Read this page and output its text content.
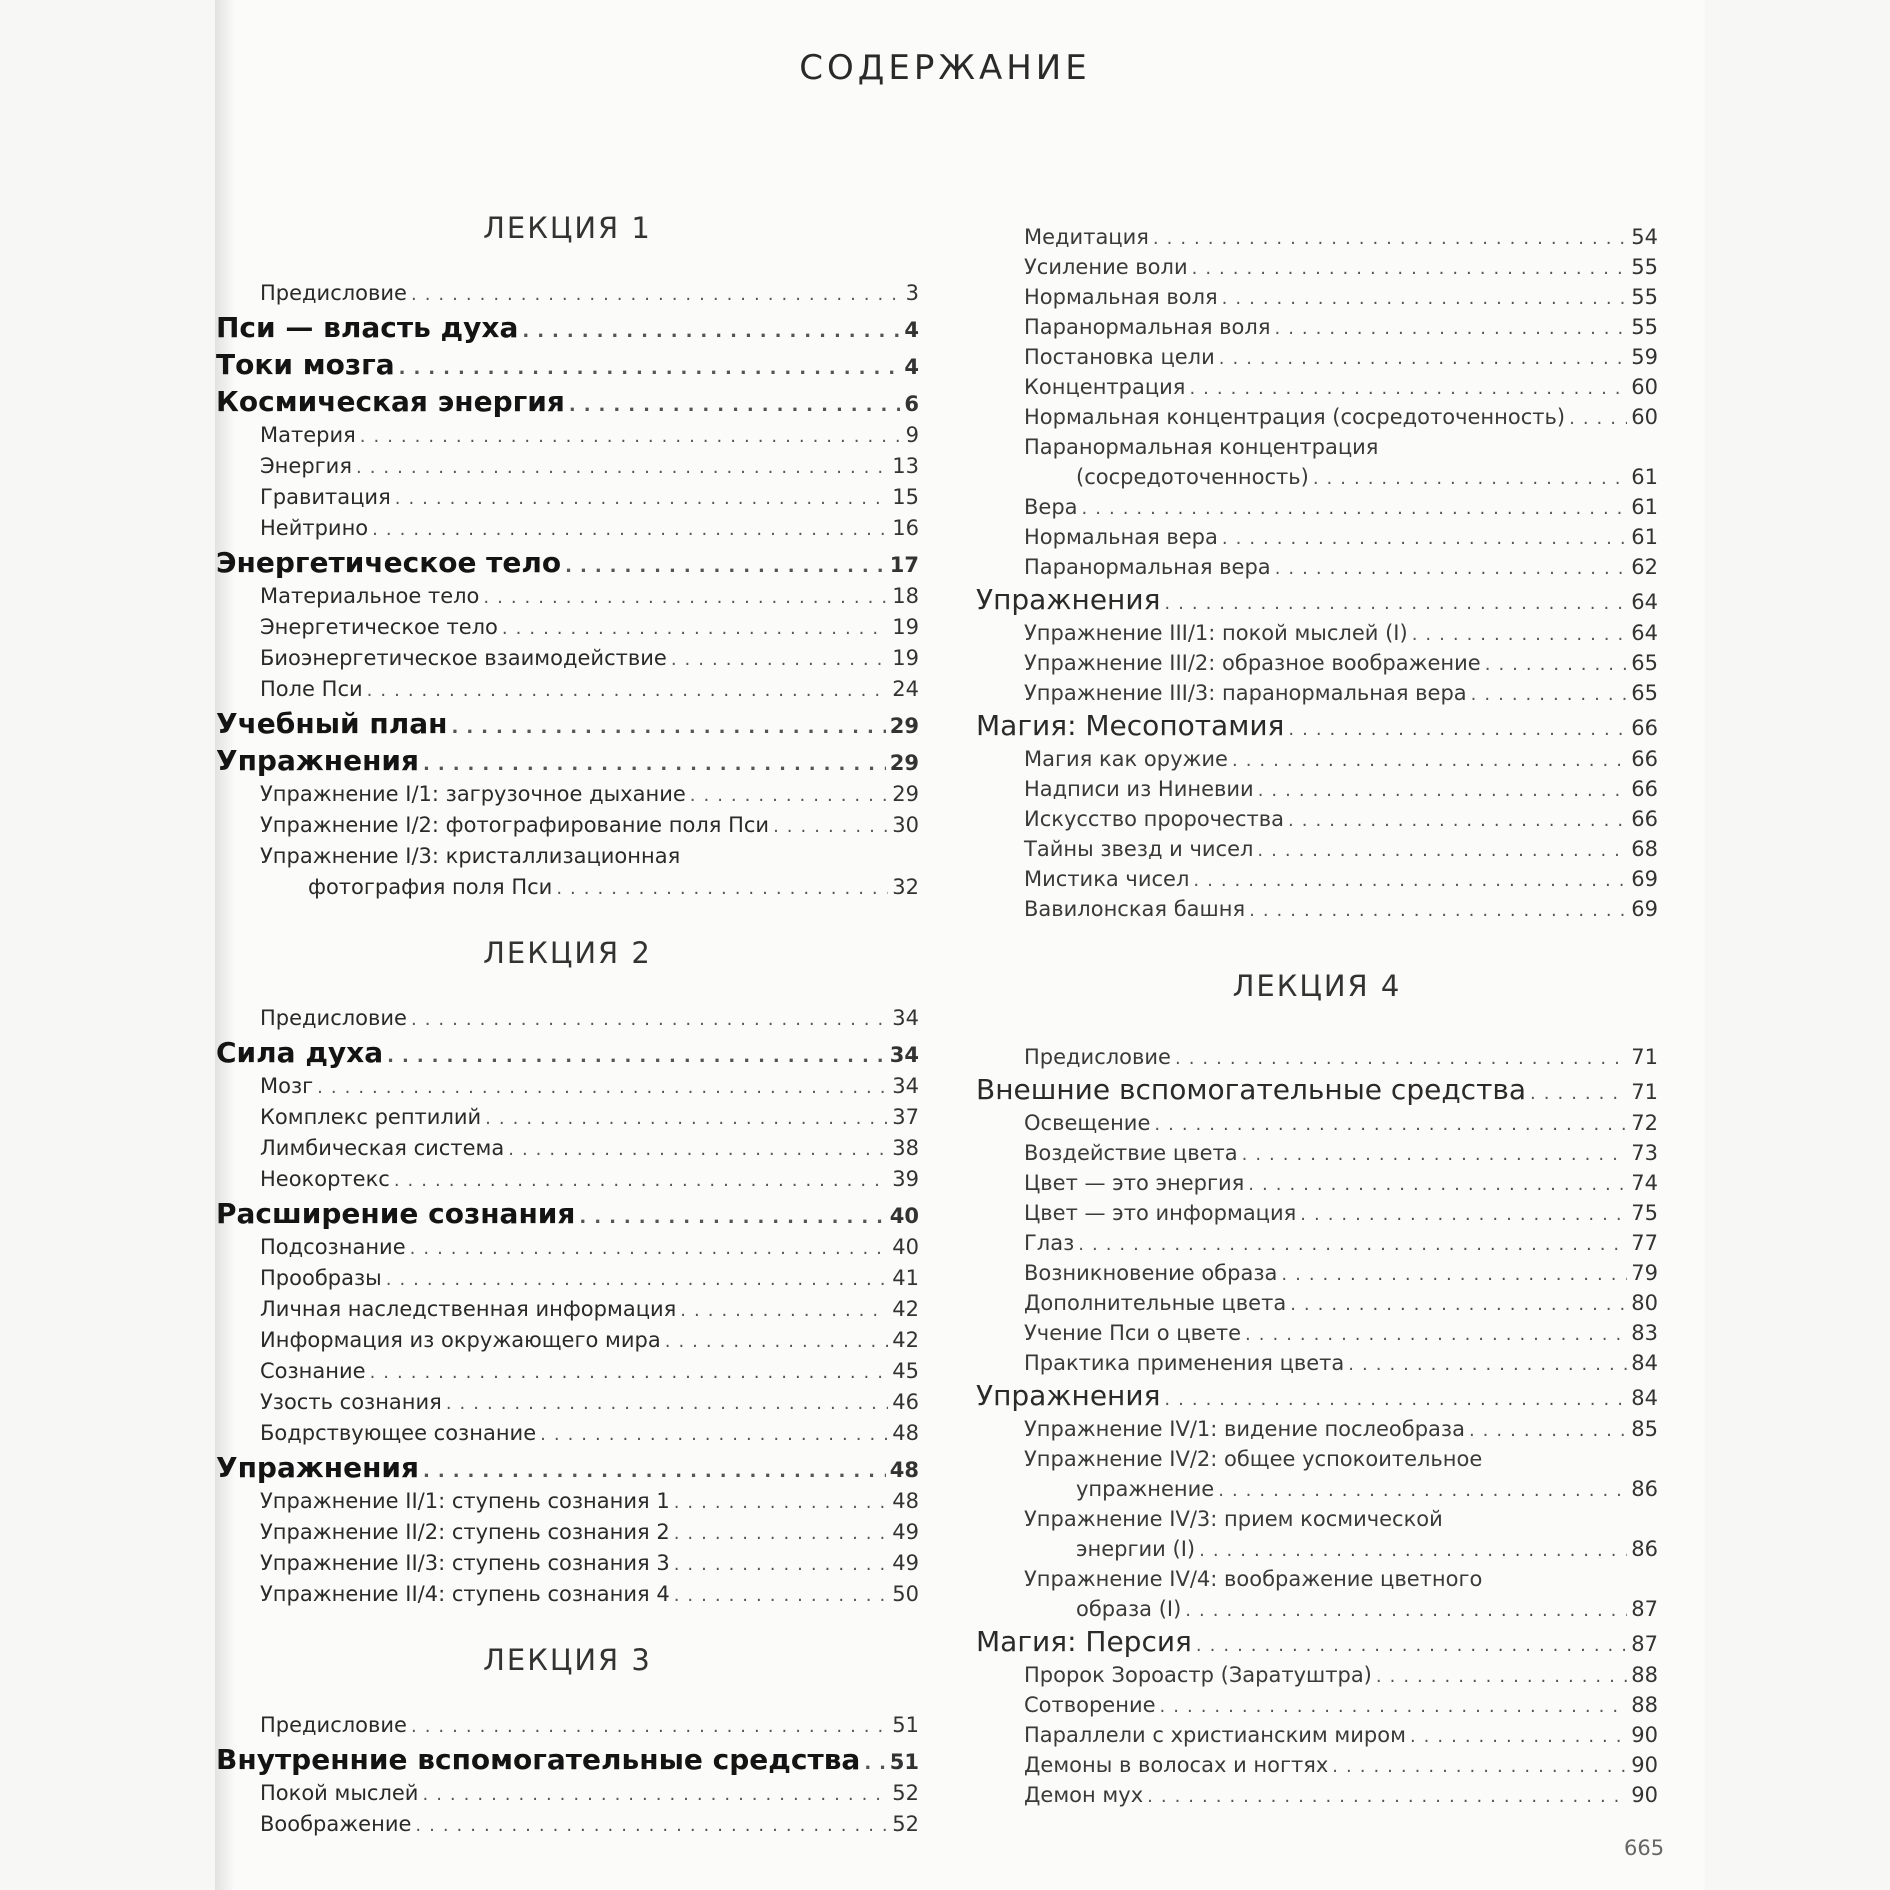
СОДЕРЖАНИЕ
ЛЕКЦИЯ 1
Предисловие .....	3
Пси — власть духа .....	4
Токи мозга .....	4
Космическая энергия .....	6
Материя .....	9
Энергия .....	13
Гравитация .....	15
Нейтрино .....	16
Энергетическое тело .....	17
Материальное тело .....	18
Энергетическое тело .....	19
Биоэнергетическое взаимодействие .....	19
Поле Пси .....	24
Учебный план .....	29
Упражнения .....	29
Упражнение I/1: загрузочное дыхание .....	29
Упражнение I/2: фотографирование поля Пси .....	30
Упражнение I/3: кристаллизационная
фотография поля Пси .....	32
ЛЕКЦИЯ 2
Предисловие .....	34
Сила духа .....	34
Мозг .....	34
Комплекс рептилий .....	37
Лимбическая система .....	38
Неокортекс .....	39
Расширение сознания .....	40
Подсознание .....	40
Прообразы .....	41
Личная наследственная информация .....	42
Информация из окружающего мира .....	42
Сознание .....	45
Узость сознания .....	46
Бодрствующее сознание .....	48
Упражнения .....	48
Упражнение II/1: ступень сознания 1 .....	48
Упражнение II/2: ступень сознания 2 .....	49
Упражнение II/3: ступень сознания 3 .....	49
Упражнение II/4: ступень сознания 4 .....	50
ЛЕКЦИЯ 3
Предисловие .....	51
Внутренние вспомогательные средства ..... 51
Покой мыслей .....	52
Воображение .....	52
Медитация .....	54
Усиление воли .....	55
Нормальная воля .....	55
Паранормальная воля .....	55
Постановка цели .....	59
Концентрация .....	60
Нормальная концентрация (сосредоточенность) .....	60
Паранормальная концентрация
(сосредоточенность) .....	61
Вера .....	61
Нормальная вера .....	61
Паранормальная вера .....	62
Упражнения .....	64
Упражнение III/1: покой мыслей (I) .....	64
Упражнение III/2: образное воображение .....	65
Упражнение III/3: паранормальная вера .....	65
Магия: Месопотамия .....	66
Магия как оружие .....	66
Надписи из Ниневии .....	66
Искусство пророчества .....	66
Тайны звезд и чисел .....	68
Мистика чисел .....	69
Вавилонская башня .....	69
ЛЕКЦИЯ 4
Предисловие .....	71
Внешние вспомогательные средства .....	71
Освещение .....	72
Воздействие цвета .....	73
Цвет — это энергия .....	74
Цвет — это информация .....	75
Глаз .....	77
Возникновение образа .....	79
Дополнительные цвета .....	80
Учение Пси о цвете .....	83
Практика применения цвета .....	84
Упражнения .....	84
Упражнение IV/1: видение послеобраза .....	85
Упражнение IV/2: общее успокоительное
упражнение .....	86
Упражнение IV/3: прием космической
энергии (I) .....	86
Упражнение IV/4: воображение цветного
образа (I) .....	87
Магия: Персия .....	87
Пророк Зороастр (Заратуштра) .....	88
Сотворение .....	88
Параллели с христианским миром .....	90
Демоны в волосах и ногтях .....	90
Демон мух .....	90
665
